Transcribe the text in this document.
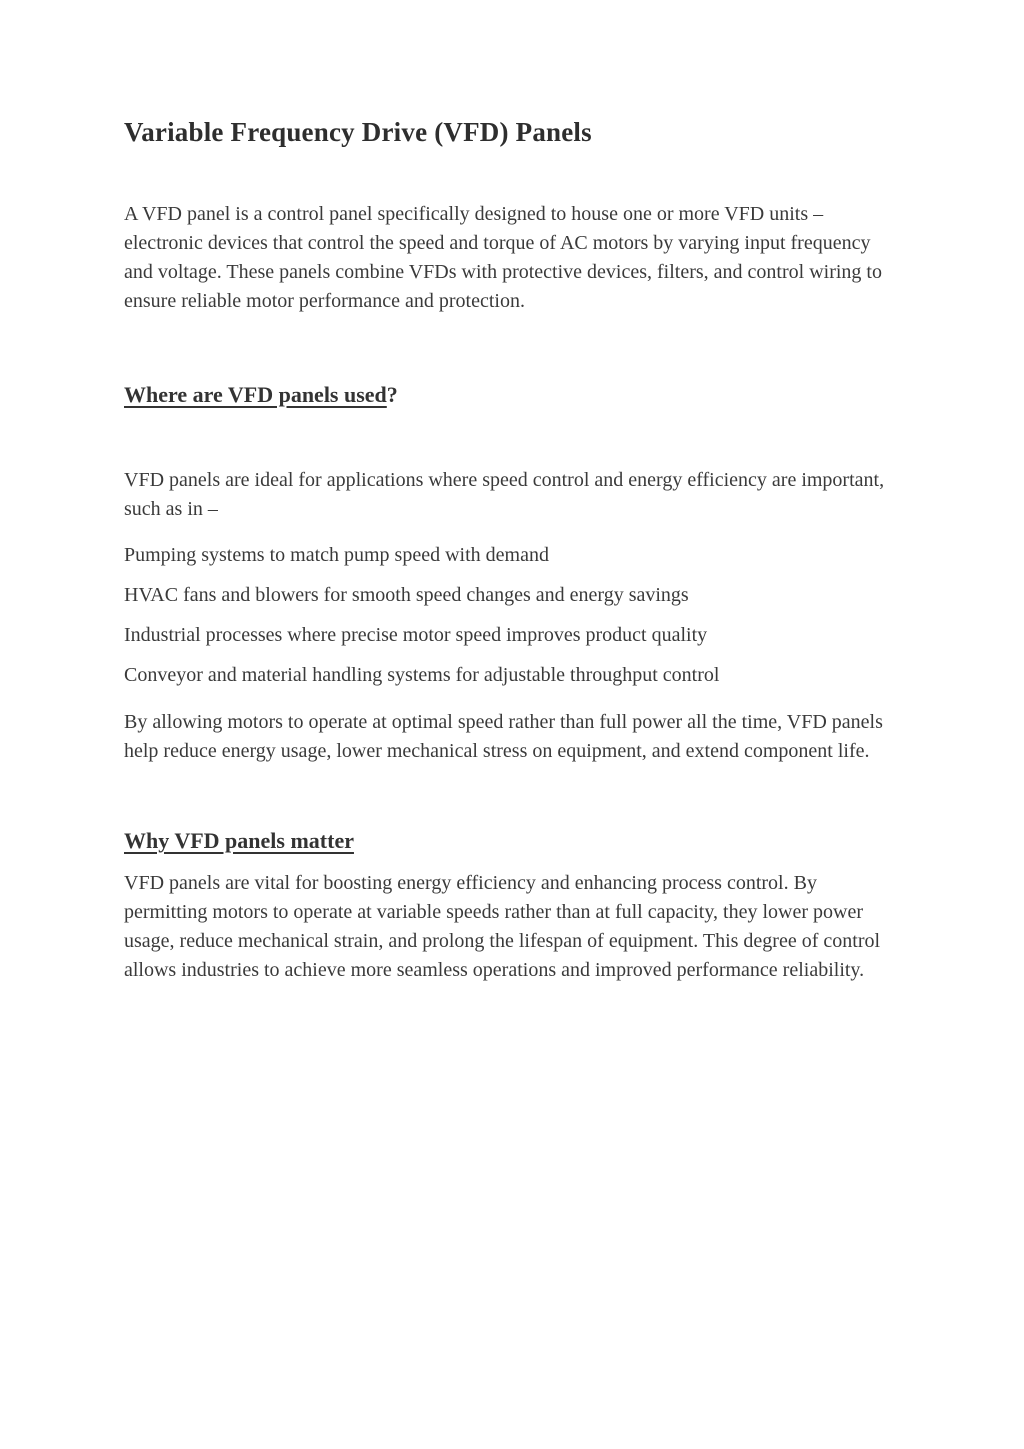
Variable Frequency Drive (VFD) Panels

A VFD panel is a control panel specifically designed to house one or more VFD units – electronic devices that control the speed and torque of AC motors by varying input frequency and voltage. These panels combine VFDs with protective devices, filters, and control wiring to ensure reliable motor performance and protection.

Where are VFD panels used?

VFD panels are ideal for applications where speed control and energy efficiency are important, such as in –

Pumping systems to match pump speed with demand

HVAC fans and blowers for smooth speed changes and energy savings

Industrial processes where precise motor speed improves product quality

Conveyor and material handling systems for adjustable throughput control

By allowing motors to operate at optimal speed rather than full power all the time, VFD panels help reduce energy usage, lower mechanical stress on equipment, and extend component life.

Why VFD panels matter

VFD panels are vital for boosting energy efficiency and enhancing process control. By permitting motors to operate at variable speeds rather than at full capacity, they lower power usage, reduce mechanical strain, and prolong the lifespan of equipment. This degree of control allows industries to achieve more seamless operations and improved performance reliability.
